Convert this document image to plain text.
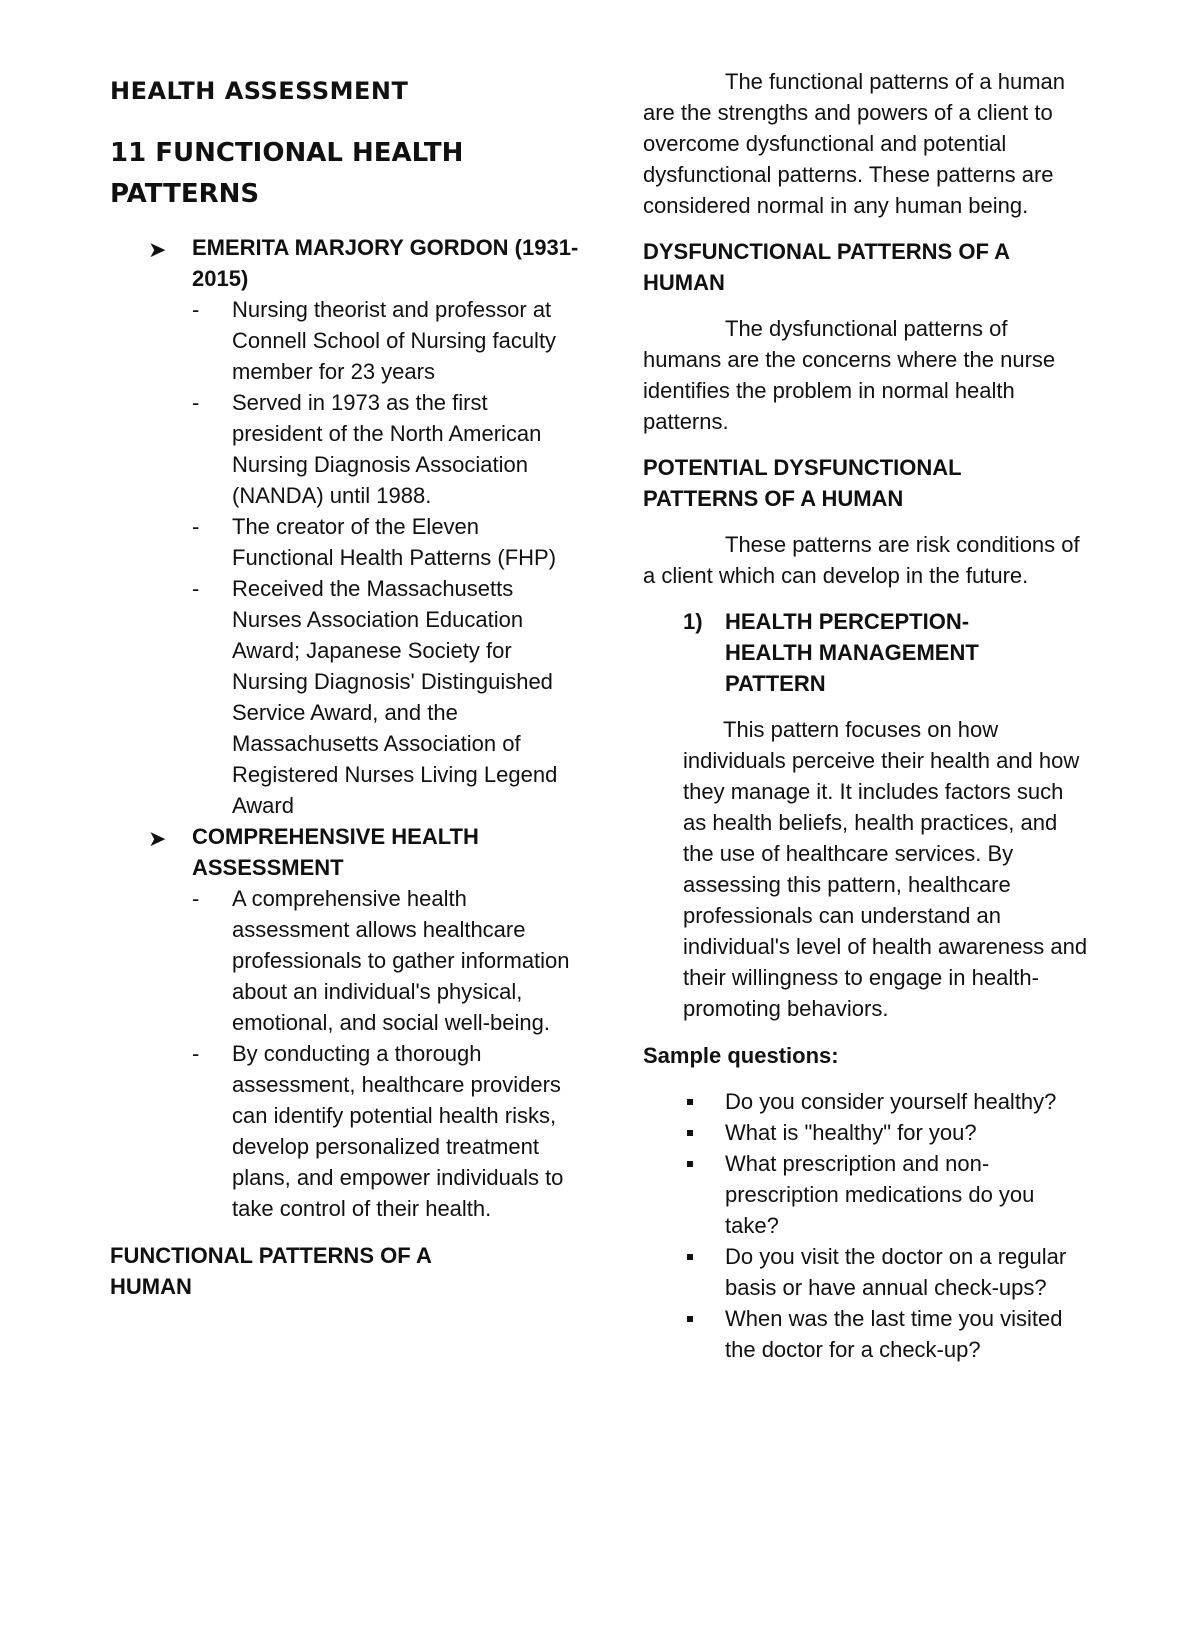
HEALTH ASSESSMENT
11 FUNCTIONAL HEALTH PATTERNS
➤ EMERITA MARJORY GORDON (1931-2015)
- Nursing theorist and professor at Connell School of Nursing faculty member for 23 years
- Served in 1973 as the first president of the North American Nursing Diagnosis Association (NANDA) until 1988.
- The creator of the Eleven Functional Health Patterns (FHP)
- Received the Massachusetts Nurses Association Education Award; Japanese Society for Nursing Diagnosis' Distinguished Service Award, and the Massachusetts Association of Registered Nurses Living Legend Award
➤ COMPREHENSIVE HEALTH ASSESSMENT
- A comprehensive health assessment allows healthcare professionals to gather information about an individual's physical, emotional, and social well-being.
- By conducting a thorough assessment, healthcare providers can identify potential health risks, develop personalized treatment plans, and empower individuals to take control of their health.
FUNCTIONAL PATTERNS OF A HUMAN

The functional patterns of a human are the strengths and powers of a client to overcome dysfunctional and potential dysfunctional patterns. These patterns are considered normal in any human being.

DYSFUNCTIONAL PATTERNS OF A HUMAN

The dysfunctional patterns of humans are the concerns where the nurse identifies the problem in normal health patterns.

POTENTIAL DYSFUNCTIONAL PATTERNS OF A HUMAN

These patterns are risk conditions of a client which can develop in the future.

1) HEALTH PERCEPTION-HEALTH MANAGEMENT PATTERN

This pattern focuses on how individuals perceive their health and how they manage it. It includes factors such as health beliefs, health practices, and the use of healthcare services. By assessing this pattern, healthcare professionals can understand an individual's level of health awareness and their willingness to engage in health-promoting behaviors.

Sample questions:
Do you consider yourself healthy?
What is "healthy" for you?
What prescription and non-prescription medications do you take?
Do you visit the doctor on a regular basis or have annual check-ups?
When was the last time you visited the doctor for a check-up?
